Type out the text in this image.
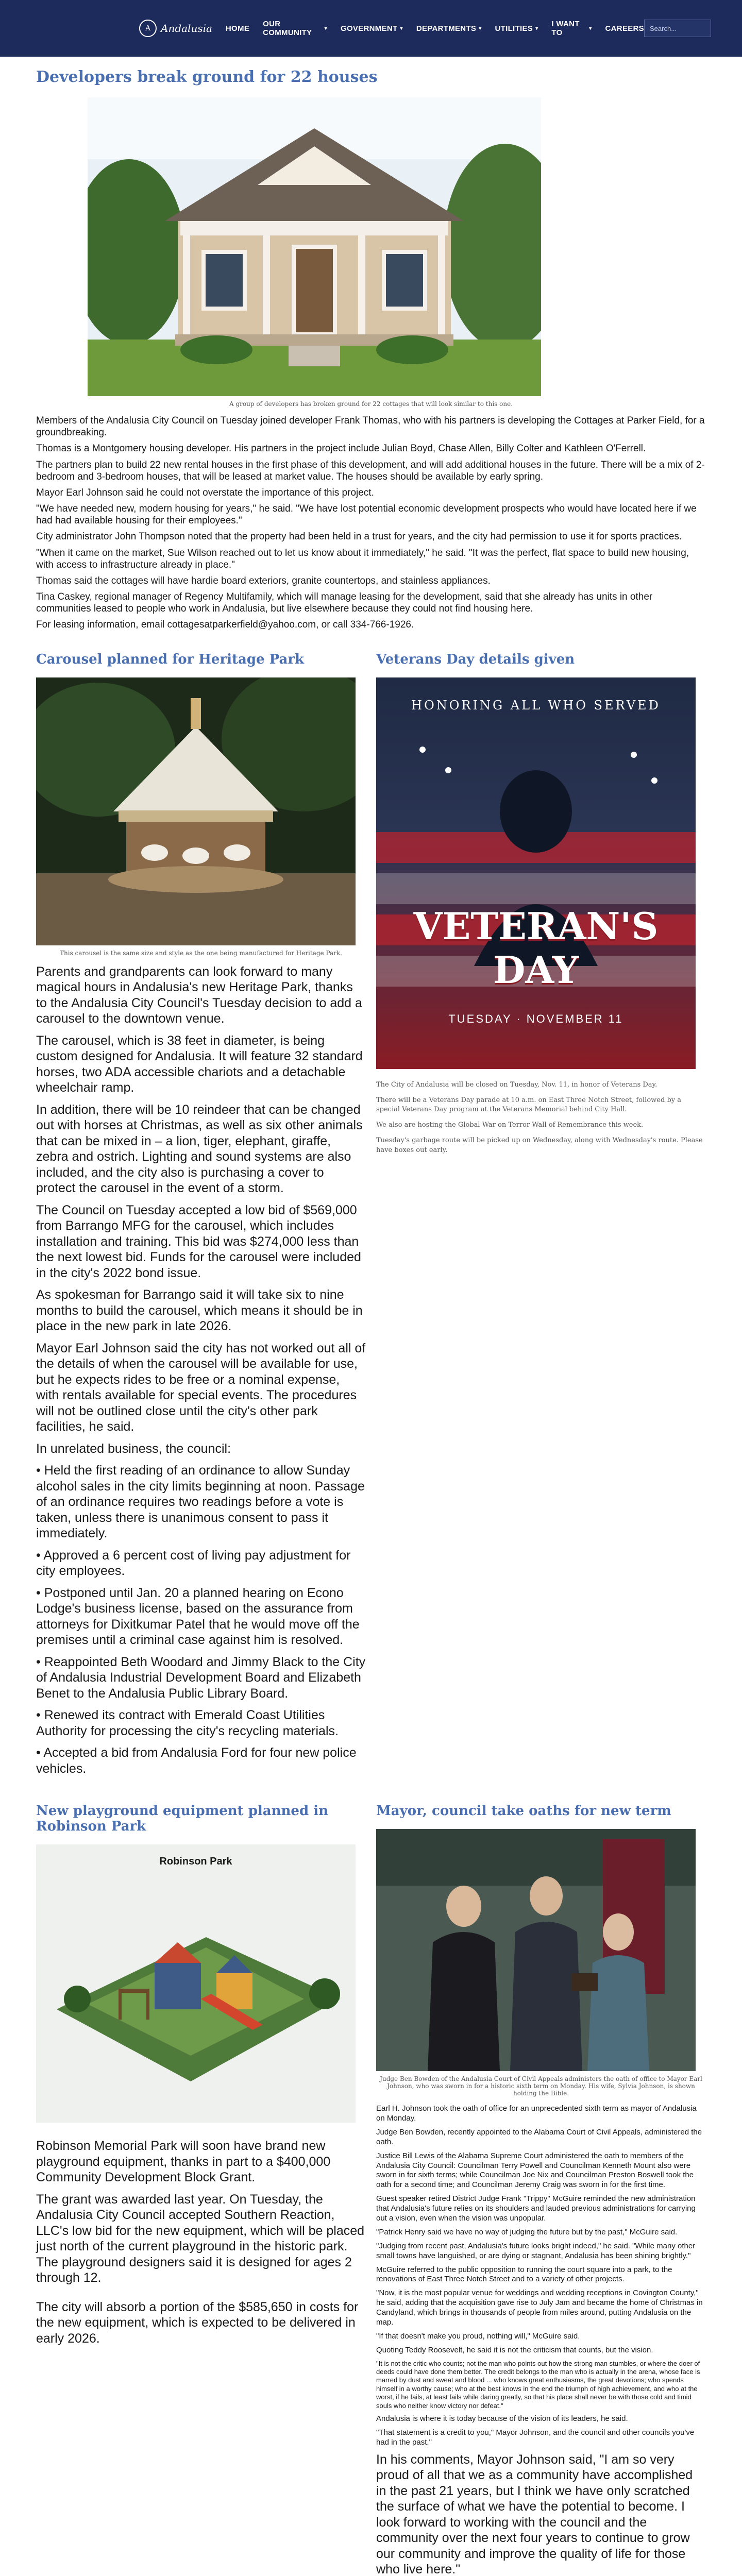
A Andalusia HOME OUR COMMUNITY	▾ GOVERNMENT ▾ DEPARTMENTS ▾ UTILITIES ▾ I WANT TO	▾ CAREERS Search...
Developers break ground for 22 houses

A group of developers has broken ground for 22 cottages that will look similar to this one.

Members of the Andalusia City Council on Tuesday joined developer Frank Thomas, who with his partners is developing the Cottages at Parker Field, for a groundbreaking.

Thomas is a Montgomery housing developer. His partners in the project include Julian Boyd, Chase Allen, Billy Colter and Kathleen O'Ferrell.

The partners plan to build 22 new rental houses in the first phase of this development, and will add additional houses in the future. There will be a mix of 2-bedroom and 3-bedroom houses, that will be leased at market value. The houses should be available by early spring.

Mayor Earl Johnson said he could not overstate the importance of this project.

"We have needed new, modern housing for years," he said. "We have lost potential economic development prospects who would have located here if we had had available housing for their employees."

City administrator John Thompson noted that the property had been held in a trust for years, and the city had permission to use it for sports practices.

"When it came on the market, Sue Wilson reached out to let us know about it immediately," he said. "It was the perfect, flat space to build new housing, with access to infrastructure already in place."

Thomas said the cottages will have hardie board exteriors, granite countertops, and stainless appliances.

Tina Caskey, regional manager of Regency Multifamily, which will manage leasing for the development, said that she already has units in other communities leased to people who work in Andalusia, but live elsewhere because they could not find housing here.

For leasing information, email cottagesatparkerfield@yahoo.com, or call 334-766-1926.

Carousel planned for Heritage Park

This carousel is the same size and style as the one being manufactured for Heritage Park.

Parents and grandparents can look forward to many magical hours in Andalusia's new Heritage Park, thanks to the Andalusia City Council's Tuesday decision to add a carousel to the downtown venue.

The carousel, which is 38 feet in diameter, is being custom designed for Andalusia. It will feature 32 standard horses, two ADA accessible chariots and a detachable wheelchair ramp.

In addition, there will be 10 reindeer that can be changed out with horses at Christmas, as well as six other animals that can be mixed in – a lion, tiger, elephant, giraffe, zebra and ostrich. Lighting and sound systems are also included, and the city also is purchasing a cover to protect the carousel in the event of a storm.

The Council on Tuesday accepted a low bid of $569,000 from Barrango MFG for the carousel, which includes installation and training. This bid was $274,000 less than the next lowest bid. Funds for the carousel were included in the city's 2022 bond issue.

As spokesman for Barrango said it will take six to nine months to build the carousel, which means it should be in place in the new park in late 2026.

Mayor Earl Johnson said the city has not worked out all of the details of when the carousel will be available for use, but he expects rides to be free or a nominal expense, with rentals available for special events. The procedures will not be outlined close until the city's other park facilities, he said.

In unrelated business, the council:

• Held the first reading of an ordinance to allow Sunday alcohol sales in the city limits beginning at noon. Passage of an ordinance requires two readings before a vote is taken, unless there is unanimous consent to pass it immediately.

• Approved a 6 percent cost of living pay adjustment for city employees.

• Postponed until Jan. 20 a planned hearing on Econo Lodge's business license, based on the assurance from attorneys for Dixitkumar Patel that he would move off the premises until a criminal case against him is resolved.

• Reappointed Beth Woodard and Jimmy Black to the City of Andalusia Industrial Development Board and Elizabeth Benet to the Andalusia Public Library Board.

• Renewed its contract with Emerald Coast Utilities Authority for processing the city's recycling materials.

• Accepted a bid from Andalusia Ford for four new police vehicles.

Veterans Day details given
HONORING ALL WHO SERVED
VETERAN'S DAY
TUESDAY · NOVEMBER 11

The City of Andalusia will be closed on Tuesday, Nov. 11, in honor of Veterans Day.

There will be a Veterans Day parade at 10 a.m. on East Three Notch Street, followed by a special Veterans Day program at the Veterans Memorial behind City Hall.

We also are hosting the Global War on Terror Wall of Remembrance this week.

Tuesday's garbage route will be picked up on Wednesday, along with Wednesday's route. Please have boxes out early.

New playground equipment planned in Robinson Park
Robinson Park

Robinson Memorial Park will soon have brand new playground equipment, thanks in part to a $400,000 Community Development Block Grant.

The grant was awarded last year. On Tuesday, the Andalusia City Council accepted Southern Reaction, LLC's low bid for the new equipment, which will be placed just north of the current playground in the historic park. The playground designers said it is designed for ages 2 through 12.

The city will absorb a portion of the $585,650 in costs for the new equipment, which is expected to be delivered in early 2026.

Mayor, council take oaths for new term

Judge Ben Bowden of the Andalusia Court of Civil Appeals administers the oath of office to Mayor Earl Johnson, who was sworn in for a historic sixth term on Monday. His wife, Sylvia Johnson, is shown holding the Bible.

Earl H. Johnson took the oath of office for an unprecedented sixth term as mayor of Andalusia on Monday.

Judge Ben Bowden, recently appointed to the Alabama Court of Civil Appeals, administered the oath.

Justice Bill Lewis of the Alabama Supreme Court administered the oath to members of the Andalusia City Council: Councilman Terry Powell and Councilman Kenneth Mount also were sworn in for sixth terms; while Councilman Joe Nix and Councilman Preston Boswell took the oath for a second time; and Councilman Jeremy Craig was sworn in for the first time.

Guest speaker retired District Judge Frank "Trippy" McGuire reminded the new administration that Andalusia's future relies on its shoulders and lauded previous administrations for carrying out a vision, even when the vision was unpopular.

"Patrick Henry said we have no way of judging the future but by the past," McGuire said.

"Judging from recent past, Andalusia's future looks bright indeed," he said. "While many other small towns have languished, or are dying or stagnant, Andalusia has been shining brightly."

McGuire referred to the public opposition to running the court square into a park, to the renovations of East Three Notch Street and to a variety of other projects.

"Now, it is the most popular venue for weddings and wedding receptions in Covington County," he said, adding that the acquisition gave rise to July Jam and became the home of Christmas in Candyland, which brings in thousands of people from miles around, putting Andalusia on the map.

"If that doesn't make you proud, nothing will," McGuire said.

Quoting Teddy Roosevelt, he said it is not the criticism that counts, but the vision.

"It is not the critic who counts; not the man who points out how the strong man stumbles, or where the doer of deeds could have done them better. The credit belongs to the man who is actually in the arena, whose face is marred by dust and sweat and blood ... who knows great enthusiasms, the great devotions; who spends himself in a worthy cause; who at the best knows in the end the triumph of high achievement, and who at the worst, if he fails, at least fails while daring greatly, so that his place shall never be with those cold and timid souls who neither know victory nor defeat."

Andalusia is where it is today because of the vision of its leaders, he said.

"That statement is a credit to you," Mayor Johnson, and the council and other councils you've had in the past."

In his comments, Mayor Johnson said, "I am so very proud of all that we as a community have accomplished in the past 21 years, but I think we have only scratched the surface of what we have the potential to become. I look forward to working with the council and the community over the next four years to continue to grow our community and improve the quality of life for those who live here."
